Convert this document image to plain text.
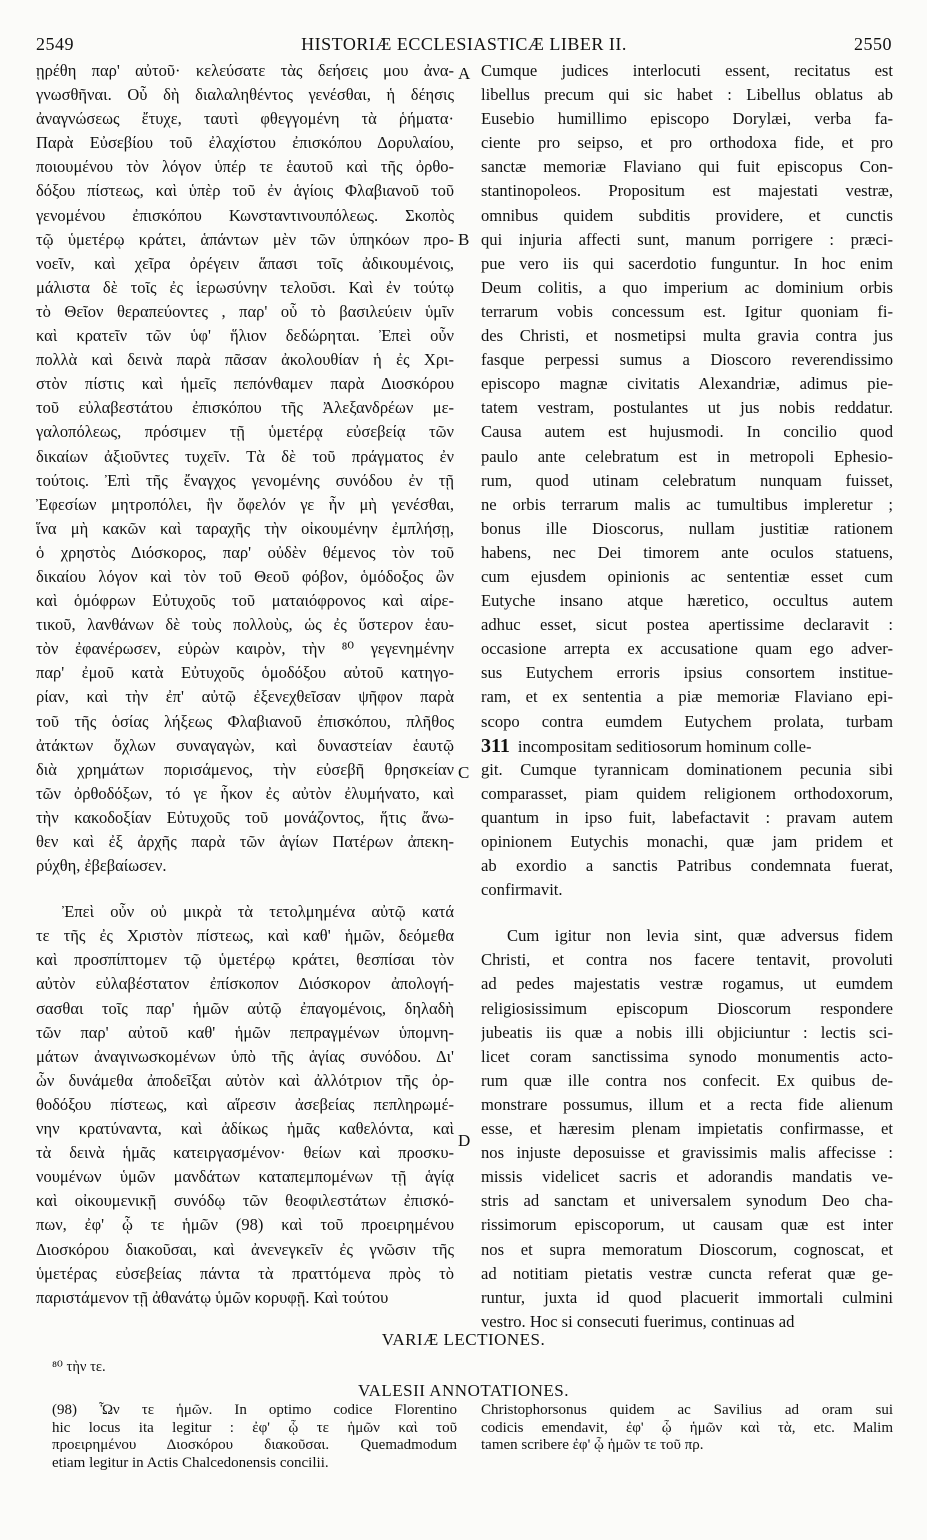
2549	HISTORIÆ ECCLESIASTICÆ LIBER II.	2550
ῃρέθη παρ' αὐτοῦ· κελεύσατε τὰς δεήσεις μου ἀνα-
γνωσθῆναι. Οὗ δὴ διαλαληθέντος γενέσθαι, ἡ δέησις
ἀναγνώσεως ἔτυχε, ταυτὶ φθεγγομένη τὰ ῥήματα·
Παρὰ Εὐσεβίου τοῦ ἐλαχίστου ἐπισκόπου Δορυλαίου,
ποιουμένου τὸν λόγον ὑπέρ τε ἑαυτοῦ καὶ τῆς ὀρθο-
δόξου πίστεως, καὶ ὑπὲρ τοῦ ἐν ἁγίοις Φλαβιανοῦ τοῦ
γενομένου ἐπισκόπου Κωνσταντινουπόλεως. Σκοπὸς
τῷ ὑμετέρῳ κράτει, ἁπάντων μὲν τῶν ὑπηκόων προ-
νοεῖν, καὶ χεῖρα ὀρέγειν ἅπασι τοῖς ἀδικουμένοις,
μάλιστα δὲ τοῖς ἐς ἱερωσύνην τελοῦσι. Καὶ ἐν τούτῳ
τὸ Θεῖον θεραπεύοντες , παρ' οὗ τὸ βασιλεύειν ὑμῖν
καὶ κρατεῖν τῶν ὑφ' ἥλιον δεδώρηται. Ἐπεὶ οὖν
πολλὰ καὶ δεινὰ παρὰ πᾶσαν ἀκολουθίαν ἡ ἐς Χρι-
στὸν πίστις καὶ ἡμεῖς πεπόνθαμεν παρὰ Διοσκόρου
τοῦ εὐλαβεστάτου ἐπισκόπου τῆς Ἀλεξανδρέων με-
γαλοπόλεως, πρόσιμεν τῇ ὑμετέρᾳ εὐσεβείᾳ τῶν
δικαίων ἀξιοῦντες τυχεῖν. Τὰ δὲ τοῦ πράγματος ἐν
τούτοις. Ἐπὶ τῆς ἔναγχος γενομένης συνόδου ἐν τῇ
Ἐφεσίων μητροπόλει, ἣν ὄφελόν γε ἦν μὴ γενέσθαι,
ἵνα μὴ κακῶν καὶ ταραχῆς τὴν οἰκουμένην ἐμπλήσῃ,
ὁ χρηστὸς Διόσκορος, παρ' οὐδὲν θέμενος τὸν τοῦ
δικαίου λόγον καὶ τὸν τοῦ Θεοῦ φόβον, ὁμόδοξος ὢν
καὶ ὁμόφρων Εὐτυχοῦς τοῦ ματαιόφρονος καὶ αἱρε-
τικοῦ, λανθάνων δὲ τοὺς πολλοὺς, ὡς ἐς ὕστερον ἑαυ-
τὸν ἐφανέρωσεν, εὑρὼν καιρὸν, τὴν ⁸⁰ γεγενημένην
παρ' ἐμοῦ κατὰ Εὐτυχοῦς ὁμοδόξου αὐτοῦ κατηγο-
ρίαν, καὶ τὴν ἐπ' αὐτῷ ἐξενεχθεῖσαν ψῆφον παρὰ
τοῦ τῆς ὁσίας λήξεως Φλαβιανοῦ ἐπισκόπου, πλῆθος
ἀτάκτων ὄχλων συναγαγὼν, καὶ δυναστείαν ἑαυτῷ
διὰ χρημάτων πορισάμενος, τὴν εὐσεβῆ θρησκείαν
τῶν ὀρθοδόξων, τό γε ἧκον ἐς αὐτὸν ἐλυμήνατο, καὶ
τὴν κακοδοξίαν Εὐτυχοῦς τοῦ μονάζοντος, ἥτις ἄνω-
θεν καὶ ἐξ ἀρχῆς παρὰ τῶν ἁγίων Πατέρων ἀπεκη-
ρύχθη, ἐβεβαίωσεν.
Ἐπεὶ οὖν οὐ μικρὰ τὰ τετολμημένα αὐτῷ κατά
τε τῆς ἐς Χριστὸν πίστεως, καὶ καθ' ἡμῶν, δεόμεθα
καὶ προσπίπτομεν τῷ ὑμετέρῳ κράτει, θεσπίσαι τὸν
αὐτὸν εὐλαβέστατον ἐπίσκοπον Διόσκορον ἀπολογή-
σασθαι τοῖς παρ' ἡμῶν αὐτῷ ἐπαγομένοις, δηλαδὴ
τῶν παρ' αὐτοῦ καθ' ἡμῶν πεπραγμένων ὑπομνη-
μάτων ἀναγινωσκομένων ὑπὸ τῆς ἁγίας συνόδου. Δι'
ὧν δυνάμεθα ἀποδεῖξαι αὐτὸν καὶ ἀλλότριον τῆς ὀρ-
θοδόξου πίστεως, καὶ αἵρεσιν ἀσεβείας πεπληρωμέ-
νην κρατύναντα, καὶ ἀδίκως ἡμᾶς καθελόντα, καὶ
τὰ δεινὰ ἡμᾶς κατειργασμένον· θείων καὶ προσκυ-
νουμένων ὑμῶν μανδάτων καταπεμπομένων τῇ ἁγίᾳ
καὶ οἰκουμενικῇ συνόδῳ τῶν θεοφιλεστάτων ἐπισκό-
πων, ἐφ' ᾧ τε ἡμῶν (98) καὶ τοῦ προειρημένου
Διοσκόρου διακοῦσαι, καὶ ἀνενεγκεῖν ἐς γνῶσιν τῆς
ὑμετέρας εὐσεβείας πάντα τὰ πραττόμενα πρὸς τὸ
παριστάμενον τῇ ἀθανάτῳ ὑμῶν κορυφῇ. Καὶ τούτου
Cumque judices interlocuti essent, recitatus est
libellus precum qui sic habet : Libellus oblatus ab
Eusebio humillimo episcopo Dorylæi, verba fa-
ciente pro seipso, et pro orthodoxa fide, et pro
sanctæ memoriæ Flaviano qui fuit episcopus Con-
stantinopoleos. Propositum est majestati vestræ,
omnibus quidem subditis providere, et cunctis
qui injuria affecti sunt, manum porrigere : præci-
pue vero iis qui sacerdotio funguntur. In hoc enim
Deum colitis, a quo imperium ac dominium orbis
terrarum vobis concessum est. Igitur quoniam fi-
des Christi, et nosmetipsi multa gravia contra jus
fasque perpessi sumus a Dioscoro reverendissimo
episcopo magnæ civitatis Alexandriæ, adimus pie-
tatem vestram, postulantes ut jus nobis reddatur.
Causa autem est hujusmodi. In concilio quod
paulo ante celebratum est in metropoli Ephesio-
rum, quod utinam celebratum nunquam fuisset,
ne orbis terrarum malis ac tumultibus impleretur ;
bonus ille Dioscorus, nullam justitiæ rationem
habens, nec Dei timorem ante oculos statuens,
cum ejusdem opinionis ac sententiæ esset cum
Eutyche insano atque hæretico, occultus autem
adhuc esset, sicut postea apertissime declaravit :
occasione arrepta ex accusatione quam ego adver-
sus Eutychem erroris ipsius consortem institue-
ram, et ex sententia a piæ memoriæ Flaviano epi-
scopo contra eumdem Eutychem prolata, turbam
311 incompositam seditiosorum hominum colle-
git. Cumque tyrannicam dominationem pecunia sibi
comparasset, piam quidem religionem orthodoxorum,
quantum in ipso fuit, labefactavit : pravam autem
opinionem Eutychis monachi, quæ jam pridem et
ab exordio a sanctis Patribus condemnata fuerat,
confirmavit.
Cum igitur non levia sint, quæ adversus fidem
Christi, et contra nos facere tentavit, provoluti
ad pedes majestatis vestræ rogamus, ut eumdem
religiosissimum episcopum Dioscorum respondere
jubeatis iis quæ a nobis illi objiciuntur : lectis sci-
licet coram sanctissima synodo monumentis acto-
rum quæ ille contra nos confecit. Ex quibus de-
monstrare possumus, illum et a recta fide alienum
esse, et hæresim plenam impietatis confirmasse, et
nos injuste deposuisse et gravissimis malis affecisse :
missis videlicet sacris et adorandis mandatis ve-
stris ad sanctam et universalem synodum Deo cha-
rissimorum episcoporum, ut causam quæ est inter
nos et supra memoratum Dioscorum, cognoscat, et
ad notitiam pietatis vestræ cuncta referat quæ ge-
runtur, juxta id quod placuerit immortali culmini
vestro. Hoc si consecuti fuerimus, continuas ad
A
B
C
D
VARIÆ LECTIONES.
⁸⁰ τὴν τε.
VALESII ANNOTATIONES.
(98) Ὧν τε ἡμῶν. In optimo codice Florentino
hic locus ita legitur : ἐφ' ᾧ τε ἡμῶν καὶ τοῦ
προειρημένου Διοσκόρου διακοῦσαι. Quemadmodum
etiam legitur in Actis Chalcedonensis concilii.
Christophorsonus quidem ac Savilius ad oram sui
codicis emendavit, ἐφ' ᾧ ἡμῶν καὶ τὰ, etc. Malim
tamen scribere ἐφ' ᾧ ἡμῶν τε τοῦ πρ.
